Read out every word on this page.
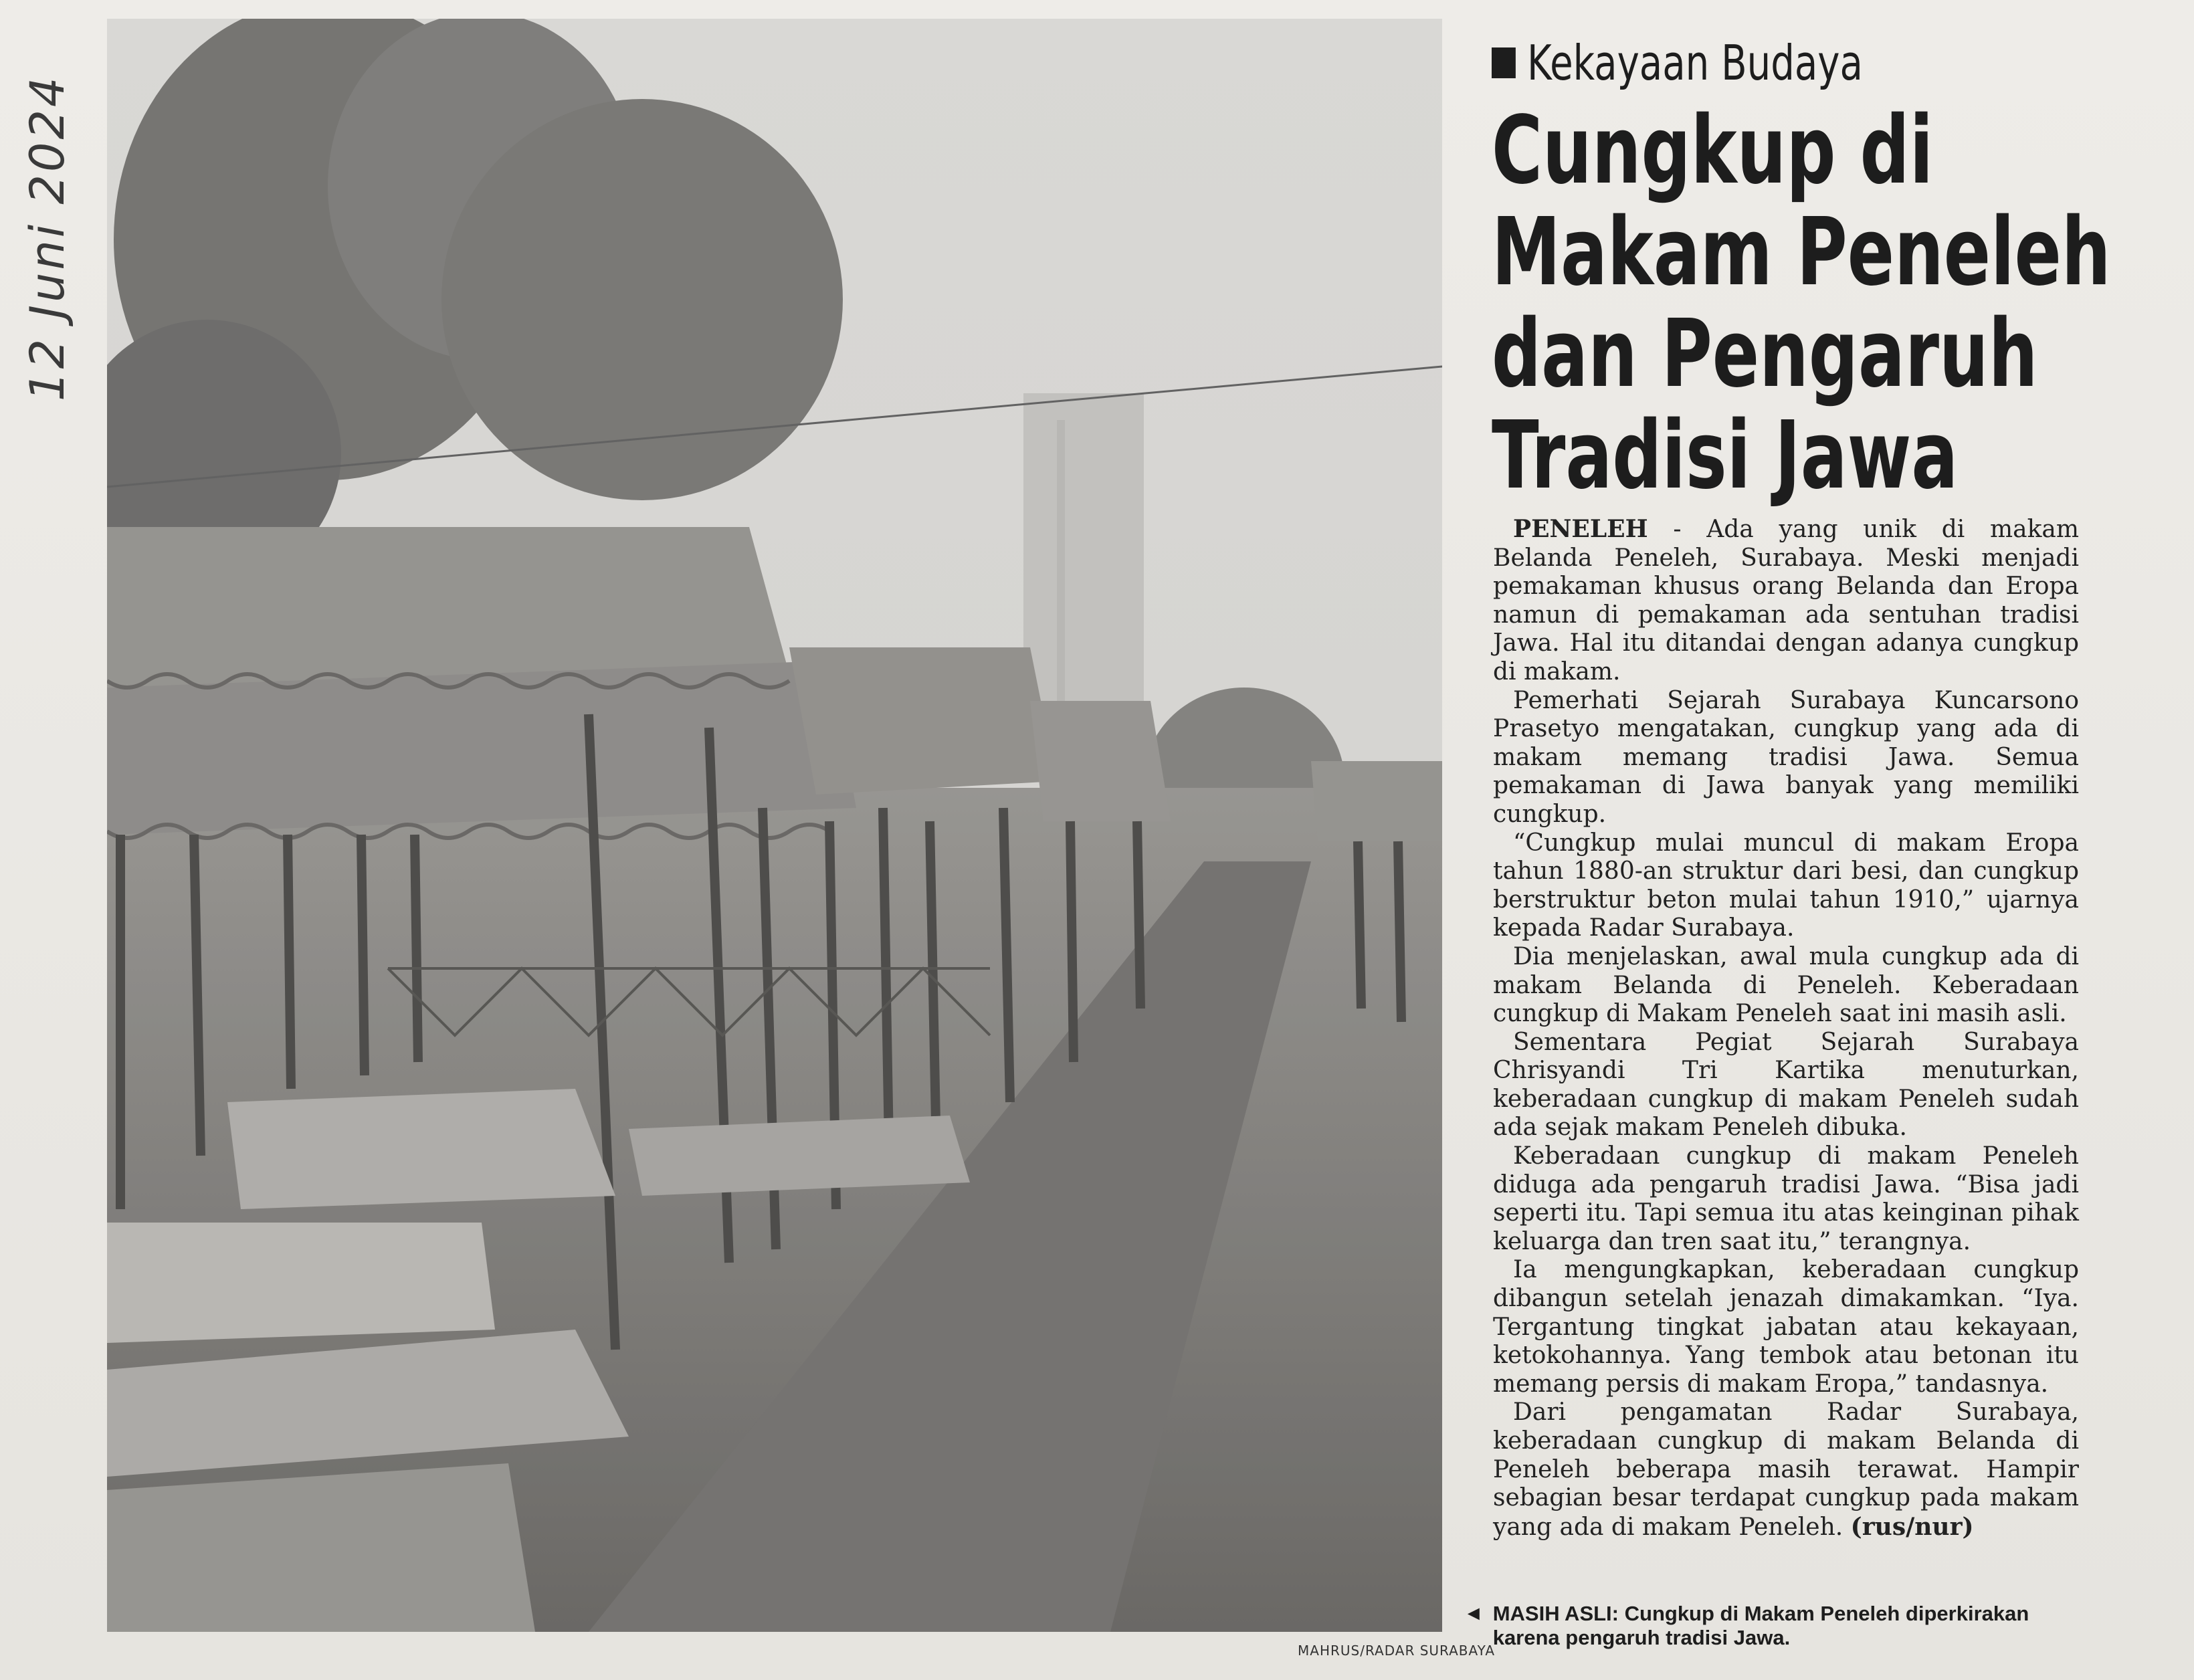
12 Juni 2024
MAHRUS/RADAR SURABAYA
Kekayaan Budaya
Cungkup di
Makam Peneleh
dan Pengaruh
Tradisi Jawa

PENELEH - Ada yang unik di makam Belanda Peneleh, Surabaya. Meski menjadi pemakaman khusus orang Belanda dan Eropa namun di pemakaman ada sentuhan tradisi Jawa. Hal itu ditandai dengan adanya cungkup di makam.

Pemerhati Sejarah Surabaya Kuncarsono Prasetyo mengatakan, cungkup yang ada di makam memang tradisi Jawa. Semua pemakaman di Jawa banyak yang memiliki cungkup.

“Cungkup mulai muncul di makam Eropa tahun 1880-an struktur dari besi, dan cungkup berstruktur beton mulai tahun 1910,” ujarnya kepada Radar Surabaya.

Dia menjelaskan, awal mula cungkup ada di makam Belanda di Peneleh. Keberadaan cungkup di Makam Peneleh saat ini masih asli.

Sementara Pegiat Sejarah Surabaya Chrisyandi Tri Kartika menuturkan, keberadaan cungkup di makam Peneleh sudah ada sejak makam Peneleh dibuka.

Keberadaan cungkup di makam Peneleh diduga ada pengaruh tradisi Jawa. “Bisa jadi seperti itu. Tapi semua itu atas keinginan pihak keluarga dan tren saat itu,” terangnya.

Ia mengungkapkan, keberadaan cungkup dibangun setelah jenazah dimakamkan. “Iya. Tergantung tingkat jabatan atau kekayaan, ketokohannya. Yang tembok atau betonan itu memang persis di makam Eropa,” tandasnya.

Dari pengamatan Radar Surabaya, keberadaan cungkup di makam Belanda di Peneleh beberapa masih terawat. Hampir sebagian besar terdapat cungkup pada makam yang ada di makam Peneleh. (rus/nur)

◄ MASIH ASLI: Cungkup di Makam Peneleh diperkirakan karena pengaruh tradisi Jawa.
